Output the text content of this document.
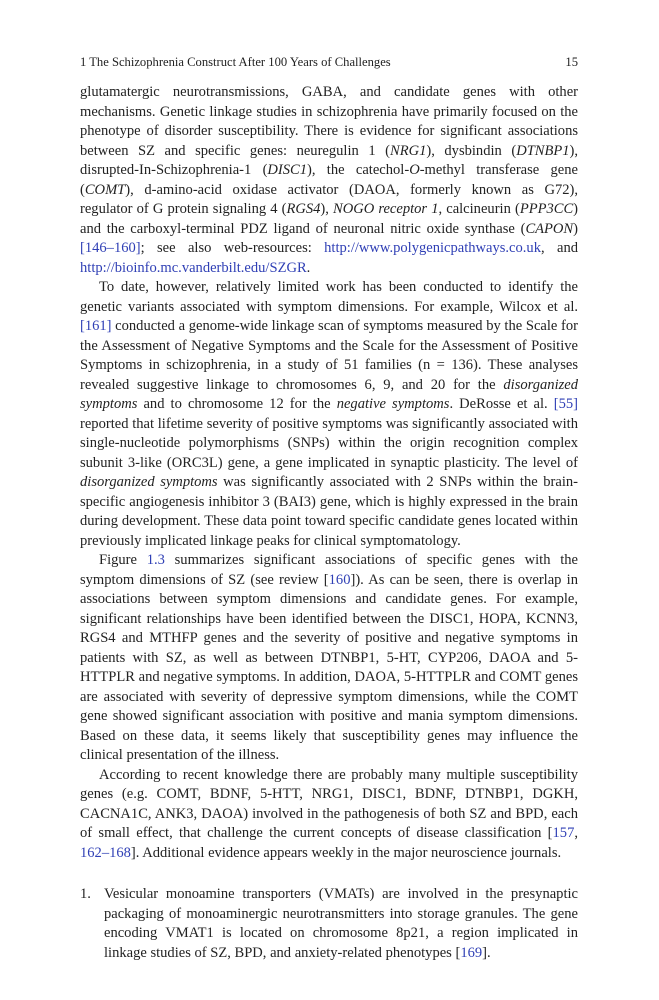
1 The Schizophrenia Construct After 100 Years of Challenges	15

glutamatergic neurotransmissions, GABA, and candidate genes with other mechanisms. Genetic linkage studies in schizophrenia have primarily focused on the phenotype of disorder susceptibility. There is evidence for significant associations between SZ and specific genes: neuregulin 1 (NRG1), dysbindin (DTNBP1), disrupted-In-Schizophrenia-1 (DISC1), the catechol-O-methyl transferase gene (COMT), d-amino-acid oxidase activator (DAOA, formerly known as G72), regulator of G protein signaling 4 (RGS4), NOGO receptor 1, calcineurin (PPP3CC) and the carboxyl-terminal PDZ ligand of neuronal nitric oxide synthase (CAPON) [146–160]; see also web-resources: http://www.polygenicpathways.co.uk, and http://bioinfo.mc.vanderbilt.edu/SZGR.

To date, however, relatively limited work has been conducted to identify the genetic variants associated with symptom dimensions. For example, Wilcox et al. [161] conducted a genome-wide linkage scan of symptoms measured by the Scale for the Assessment of Negative Symptoms and the Scale for the Assessment of Positive Symptoms in schizophrenia, in a study of 51 families (n = 136). These analyses revealed suggestive linkage to chromosomes 6, 9, and 20 for the disorganized symptoms and to chromosome 12 for the negative symptoms. DeRosse et al. [55] reported that lifetime severity of positive symptoms was significantly associated with single-nucleotide polymorphisms (SNPs) within the origin recognition complex subunit 3-like (ORC3L) gene, a gene implicated in synaptic plasticity. The level of disorganized symptoms was significantly associated with 2 SNPs within the brain-specific angiogenesis inhibitor 3 (BAI3) gene, which is highly expressed in the brain during development. These data point toward specific candidate genes located within previously implicated linkage peaks for clinical symptomatology.

Figure 1.3 summarizes significant associations of specific genes with the symptom dimensions of SZ (see review [160]). As can be seen, there is overlap in associations between symptom dimensions and candidate genes. For example, significant relationships have been identified between the DISC1, HOPA, KCNN3, RGS4 and MTHFP genes and the severity of positive and negative symptoms in patients with SZ, as well as between DTNBP1, 5-HT, CYP206, DAOA and 5-HTTPLR and negative symptoms. In addition, DAOA, 5-HTTPLR and COMT genes are associated with severity of depressive symptom dimensions, while the COMT gene showed significant association with positive and mania symptom dimensions. Based on these data, it seems likely that susceptibility genes may influence the clinical presentation of the illness.

According to recent knowledge there are probably many multiple susceptibility genes (e.g. COMT, BDNF, 5-HTT, NRG1, DISC1, BDNF, DTNBP1, DGKH, CACNA1C, ANK3, DAOA) involved in the pathogenesis of both SZ and BPD, each of small effect, that challenge the current concepts of disease classification [157, 162–168]. Additional evidence appears weekly in the major neuroscience journals.

1. Vesicular monoamine transporters (VMATs) are involved in the presynaptic packaging of monoaminergic neurotransmitters into storage granules. The gene encoding VMAT1 is located on chromosome 8p21, a region implicated in linkage studies of SZ, BPD, and anxiety-related phenotypes [169].
